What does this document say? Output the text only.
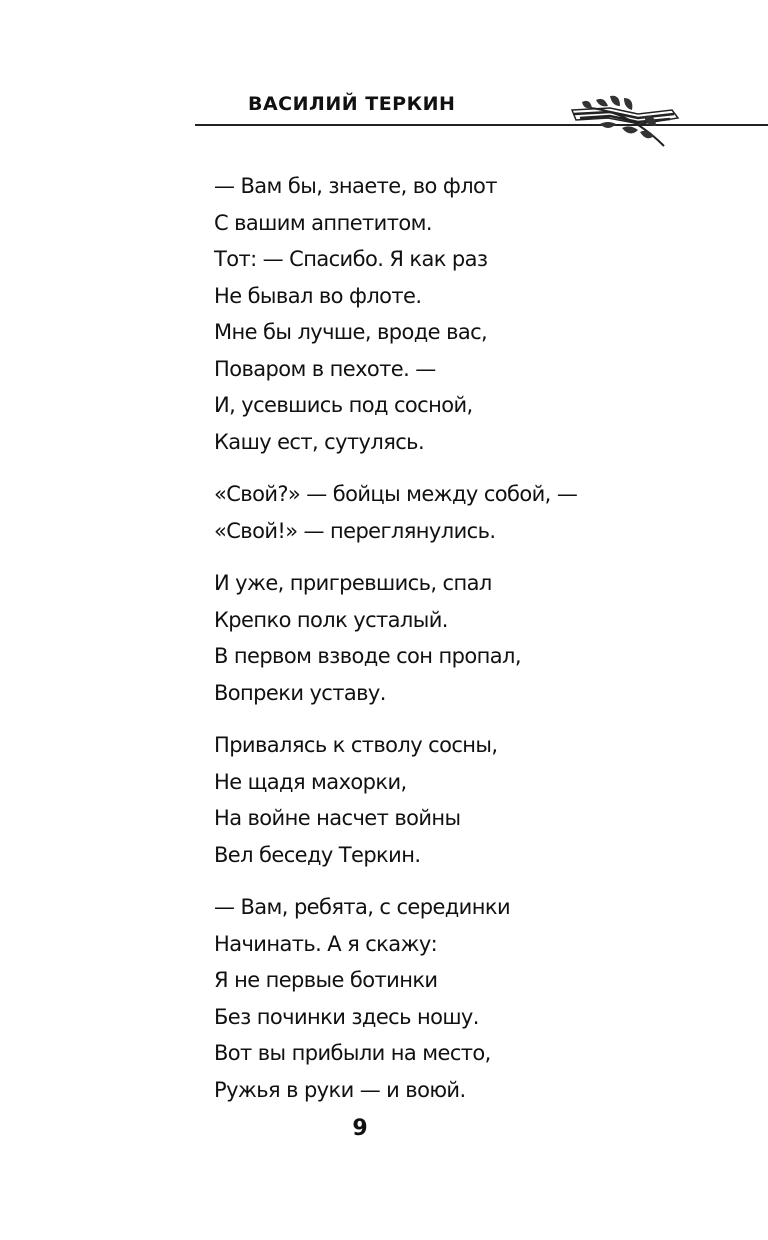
ВАСИЛИЙ ТЕРКИН
— Вам бы, знаете, во флот
С вашим аппетитом.
Тот: — Спасибо. Я как раз
Не бывал во флоте.
Мне бы лучше, вроде вас,
Поваром в пехоте. —
И, усевшись под сосной,
Кашу ест, сутулясь.
«Свой?» — бойцы между собой, —
«Свой!» — переглянулись.
И уже, пригревшись, спал
Крепко полк усталый.
В первом взводе сон пропал,
Вопреки уставу.
Привалясь к стволу сосны,
Не щадя махорки,
На войне насчет войны
Вел беседу Теркин.
— Вам, ребята, с серединки
Начинать. А я скажу:
Я не первые ботинки
Без починки здесь ношу.
Вот вы прибыли на место,
Ружья в руки — и воюй.
9
